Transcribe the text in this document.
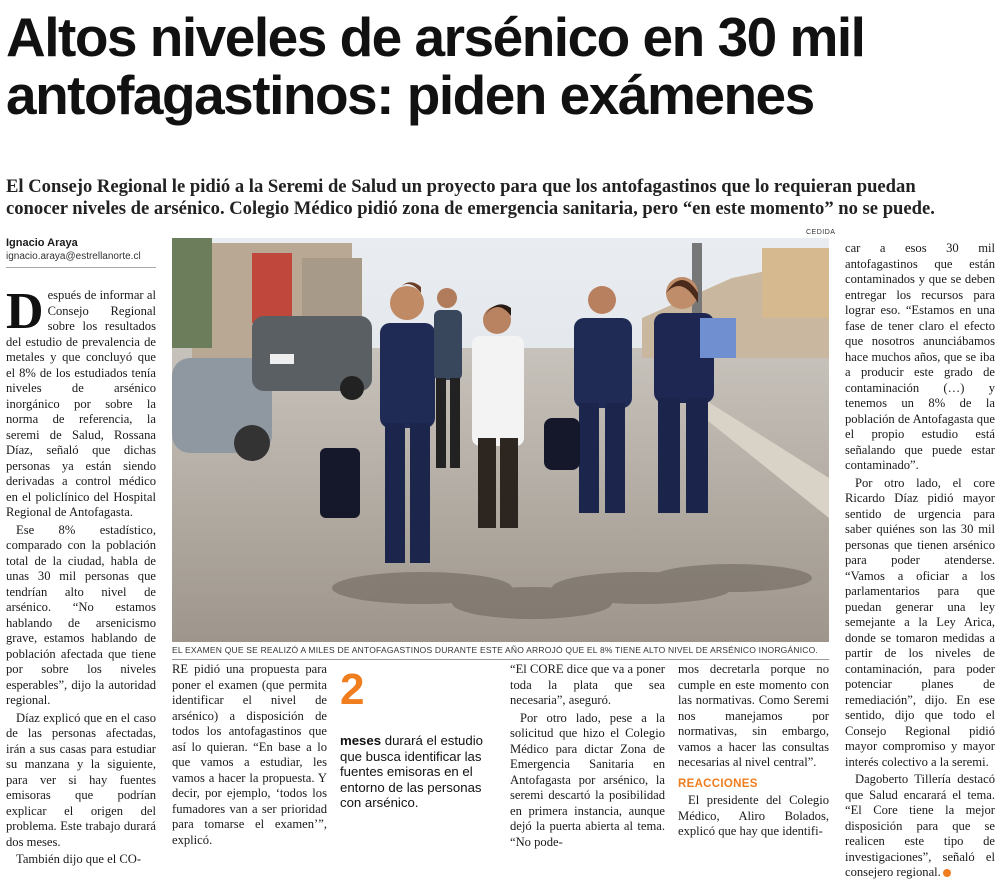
Altos niveles de arsénico en 30 mil
antofagastinos: piden exámenes
El Consejo Regional le pidió a la Seremi de Salud un proyecto para que los antofagastinos que lo requieran puedan
conocer niveles de arsénico. Colegio Médico pidió zona de emergencia sanitaria, pero “en este momento” no se puede.
Ignacio Araya
ignacio.araya@estrellanorte.cl

Después de informar al Consejo Regional sobre los resultados del estudio de prevalencia de metales y que concluyó que el 8% de los estudiados tenía niveles de arsénico inorgánico por sobre la norma de referencia, la seremi de Salud, Rossana Díaz, señaló que dichas personas ya están siendo derivadas a control médico en el policlínico del Hospital Regional de Antofagasta.

Ese 8% estadístico, comparado con la población total de la ciudad, habla de unas 30 mil personas que tendrían alto nivel de arsénico. “No estamos hablando de arsenicismo grave, estamos hablando de población afectada que tiene por sobre los niveles esperables”, dijo la autoridad regional.

Díaz explicó que en el caso de las personas afectadas, irán a sus casas para estudiar su manzana y la siguiente, para ver si hay fuentes emisoras que podrían explicar el origen del problema. Este trabajo durará dos meses.

También dijo que el CO-

CEDIDA
EL EXAMEN QUE SE REALIZÓ A MILES DE ANTOFAGASTINOS DURANTE ESTE AÑO ARROJÓ QUE EL 8% TIENE ALTO NIVEL DE ARSÉNICO INORGÁNICO.

RE pidió una propuesta para poner el examen (que permita identificar el nivel de arsénico) a disposición de todos los antofagastinos que así lo quieran. “En base a lo que vamos a estudiar, les vamos a hacer la propuesta. Y decir, por ejemplo, ‘todos los fumadores van a ser prioridad para tomarse el examen’”, explicó.

2
meses durará el estudio que busca identificar las fuentes emisoras en el entorno de las personas con arsénico.

“El CORE dice que va a poner toda la plata que sea necesaria”, aseguró.

Por otro lado, pese a la solicitud que hizo el Colegio Médico para dictar Zona de Emergencia Sanitaria en Antofagasta por arsénico, la seremi descartó la posibilidad en primera instancia, aunque dejó la puerta abierta al tema. “No pode-

mos decretarla porque no cumple en este momento con las normativas. Como Seremi nos manejamos por normativas, sin embargo, vamos a hacer las consultas necesarias al nivel central”.

REACCIONES

El presidente del Colegio Médico, Aliro Bolados, explicó que hay que identifi-

car a esos 30 mil antofagastinos que están contaminados y que se deben entregar los recursos para lograr eso. “Estamos en una fase de tener claro el efecto que nosotros anunciábamos hace muchos años, que se iba a producir este grado de contaminación (…) y tenemos un 8% de la población de Antofagasta que el propio estudio está señalando que puede estar contaminado”.

Por otro lado, el core Ricardo Díaz pidió mayor sentido de urgencia para saber quiénes son las 30 mil personas que tienen arsénico para poder atenderse. “Vamos a oficiar a los parlamentarios para que puedan generar una ley semejante a la Ley Arica, donde se tomaron medidas a partir de los niveles de contaminación, para poder potenciar planes de remediación”, dijo. En ese sentido, dijo que todo el Consejo Regional pidió mayor compromiso y mayor interés colectivo a la seremi.

Dagoberto Tillería destacó que Salud encarará el tema. “El Core tiene la mejor disposición para que se realicen este tipo de investigaciones”, señaló el consejero regional.
